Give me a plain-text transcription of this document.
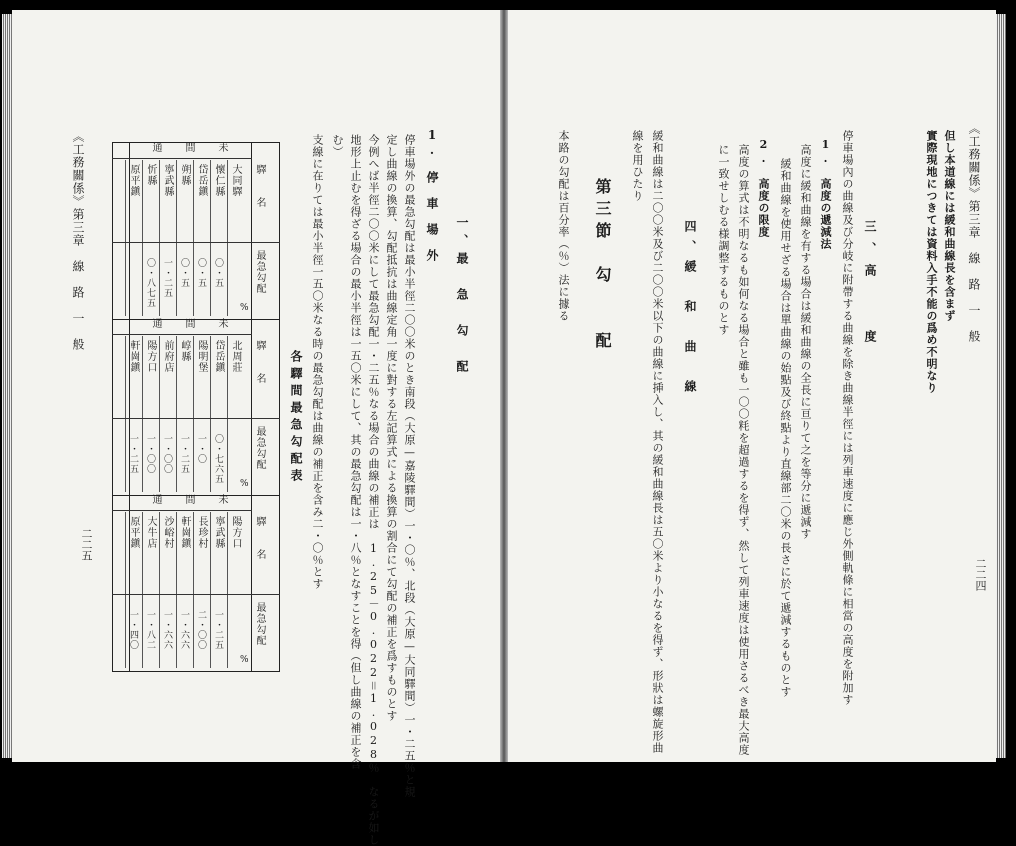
《工務關係》第三章　線　路　一　般
二二五
各驛間最急勾配表 支線に在りては最小半徑一五〇米なる時の最急勾配は曲線の補正を含み二・〇％とす む） 地形上止むを得ざる場合の最小半徑は一五〇米にして、其の最急勾配は一・八％となすことを得（但し曲線の補正を含 今例へば半徑二〇〇米にして最急勾配一・二五％なる場合の曲線の補正は　1.25－0.022＝1.028％　なるが如し 定し曲線の換算、勾配抵抗は曲線定角一度に對する左記算式による換算の割合にて勾配の補正を爲すものとす 停車場外の最急勾配は最小半徑二〇〇米のとき南段（大原—嘉陵驛間）一・〇％、北段（大原—大同驛間）一・二五％と規 1.　停　車　場　外
一、最　急　勾　配
通　　間　　未
驛　　名
最急勾配
%
大同驛
懷仁縣
〇・五
岱岳鎭
〇・五
朔縣
〇・五
寧武縣
一・二五
忻縣
〇・八七五
原平鎭
通　　間　　未
驛　　名
最急勾配
%
北周莊
岱岳鎭
〇・七六五
陽明堡
一・〇
崞縣
一・二五
前府店
一・〇〇
陽方口
一・〇〇
軒崗鎭
一・二五
通　　間　　未
驛　　名
最急勾配
%
陽方口
寧武縣
一・二五
長珍村
二・〇〇
軒崗鎭
一・六六
沙峪村
一・六六
大牛店
一・八二
原平鎭
一・四〇
《工務關係》第三章　線　路　一　般
二二四
但し本道線には緩和曲線長を含まず
實際現地につきては資料入手不能の爲め不明なり
三、高　　度
停車場內の曲線及び分岐に附帶する曲線を除き曲線半徑には列車速度に應じ外側軌條に相當の高度を附加す
1.　高度の遞減法
高度に緩和曲線を有する場合は緩和曲線の全長に亘りて之を等分に遞減す
緩和曲線を使用せざる場合は單曲線の始點及び終點より直線部二〇米の長さに於て遞減するものとす
2.　高度の限度
高度の算式は不明なるも如何なる場合と雖も一〇〇粍を超過するを得ず、然して列車速度は使用さるべき最大高度
に一致せしむる様調整するものとす
四、緩　和　曲　線
緩和曲線は二〇〇米及び二〇〇米以下の曲線に挿入し、其の緩和曲線長は五〇米より小なるを得ず、形狀は螺旋形曲
線を用ひたり
第三節　勾　　配
本路の勾配は百分率（％）法に據る
